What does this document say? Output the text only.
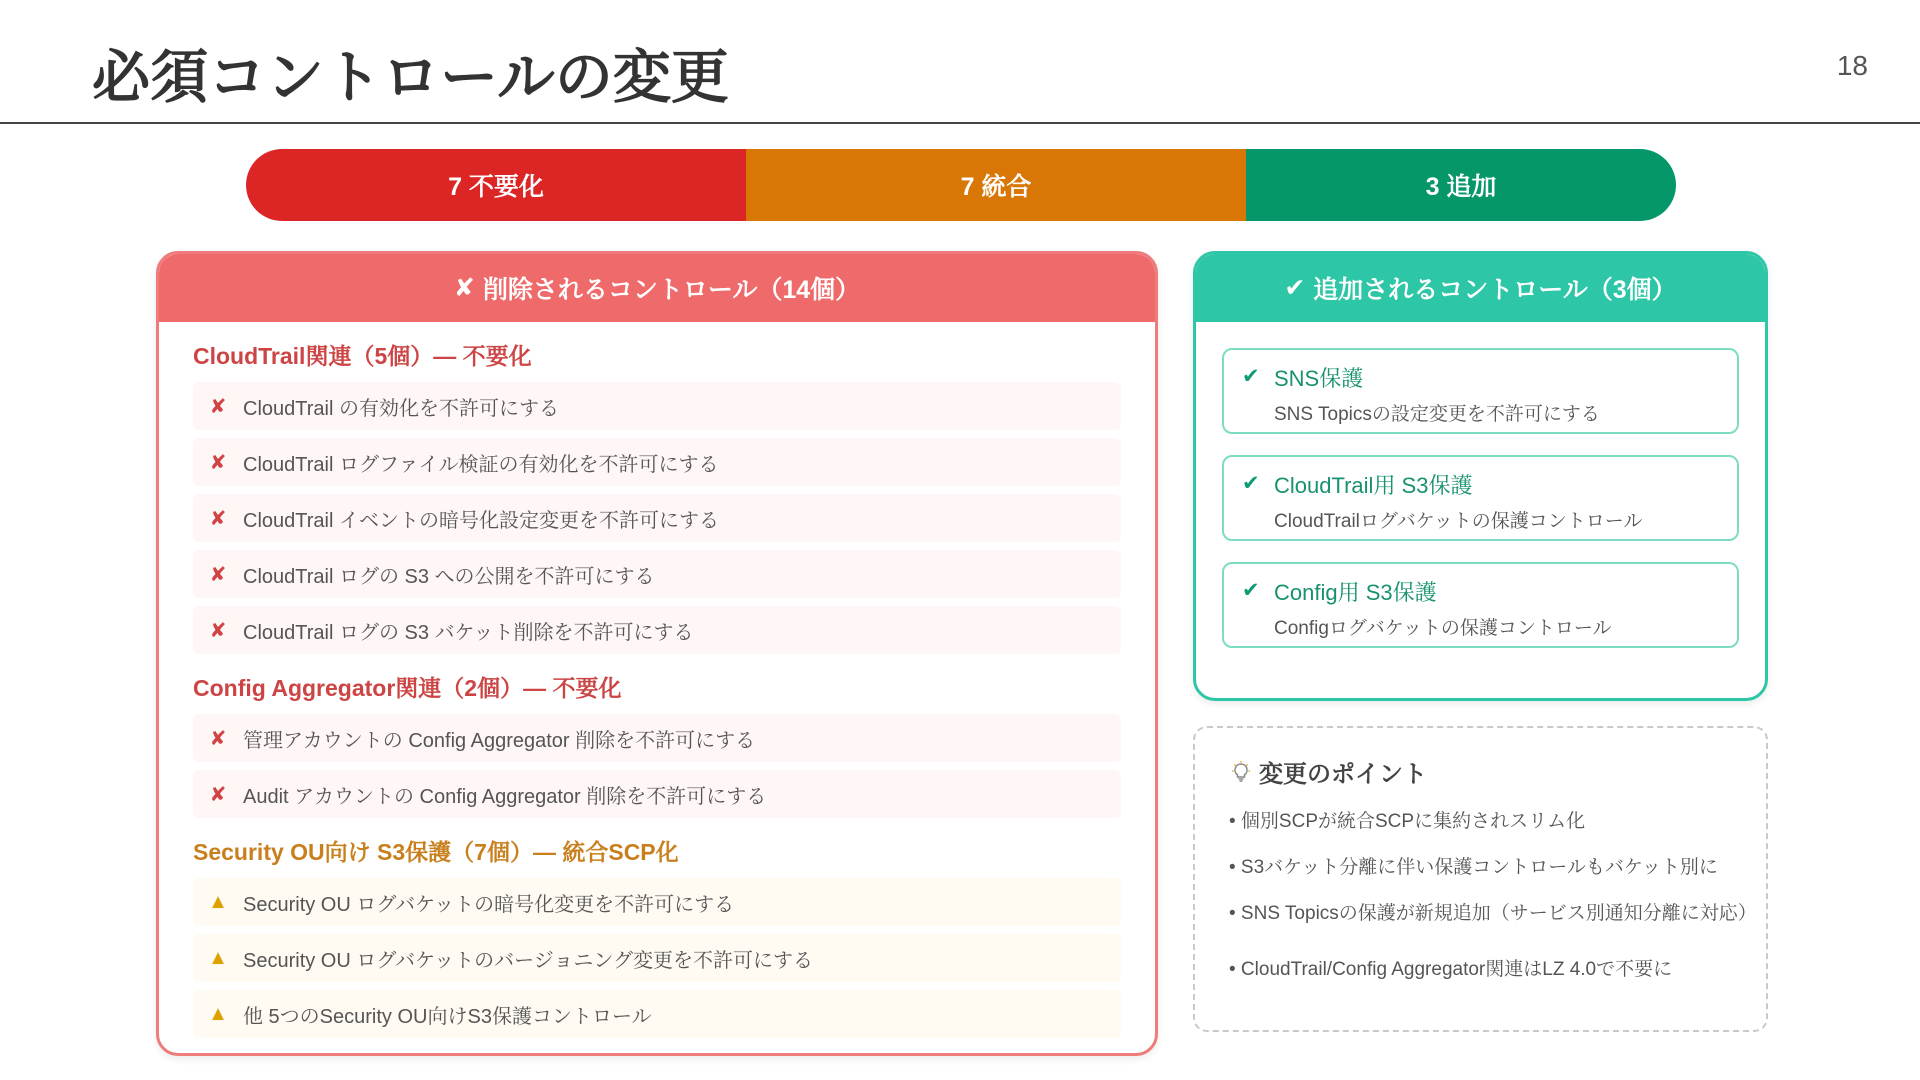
必須コントロールの変更	18
7 不要化	7 統合	3 追加
✘ 削除されるコントロール（14個）
CloudTrail関連（5個）— 不要化
✘ CloudTrail の有効化を不許可にする
✘ CloudTrail ログファイル検証の有効化を不許可にする
✘ CloudTrail イベントの暗号化設定変更を不許可にする
✘ CloudTrail ログの S3 への公開を不許可にする
✘ CloudTrail ログの S3 バケット削除を不許可にする
Config Aggregator関連（2個）— 不要化
✘ 管理アカウントの Config Aggregator 削除を不許可にする
✘ Audit アカウントの Config Aggregator 削除を不許可にする
Security OU向け S3保護（7個）— 統合SCP化
▲ Security OU ログバケットの暗号化変更を不許可にする
▲ Security OU ログバケットのバージョニング変更を不許可にする
▲ 他 5つのSecurity OU向けS3保護コントロール
✔ 追加されるコントロール（3個）
✔ SNS保護
SNS Topicsの設定変更を不許可にする
✔ CloudTrail用 S3保護
CloudTrailログバケットの保護コントロール
✔ Config用 S3保護
Configログバケットの保護コントロール
変更のポイント
• 個別SCPが統合SCPに集約されスリム化
• S3バケット分離に伴い保護コントロールもバケット別に
• SNS Topicsの保護が新規追加（サービス別通知分離に対応）
• CloudTrail/Config Aggregator関連はLZ 4.0で不要に
